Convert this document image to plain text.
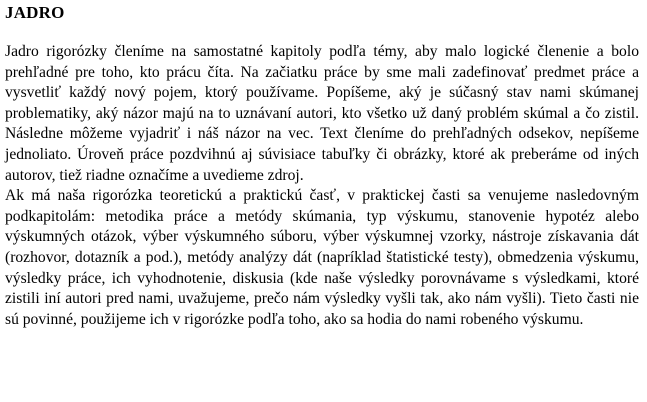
JADRO

Jadro rigorózky členíme na samostatné kapitoly podľa témy, aby malo logické členenie a bolo prehľadné pre toho, kto prácu číta. Na začiatku práce by sme mali zadefinovať predmet práce a vysvetliť každý nový pojem, ktorý používame. Popíšeme, aký je súčasný stav nami skúmanej problematiky, aký názor majú na to uznávaní autori, kto všetko už daný problém skúmal a čo zistil. Následne môžeme vyjadriť i náš názor na vec. Text členíme do prehľadných odsekov, nepíšeme jednoliato. Úroveň práce pozdvihnú aj súvisiace tabuľky či obrázky, ktoré ak preberáme od iných autorov, tiež riadne označíme a uvedieme zdroj.

Ak má naša rigorózka teoretickú a praktickú časť, v praktickej časti sa venujeme nasledovným podkapitolám: metodika práce a metódy skúmania, typ výskumu, stanovenie hypotéz alebo výskumných otázok, výber výskumného súboru, výber výskumnej vzorky, nástroje získavania dát (rozhovor, dotazník a pod.), metódy analýzy dát (napríklad štatistické testy), obmedzenia výskumu, výsledky práce, ich vyhodnotenie, diskusia (kde naše výsledky porovnávame s výsledkami, ktoré zistili iní autori pred nami, uvažujeme, prečo nám výsledky vyšli tak, ako nám vyšli). Tieto časti nie sú povinné, použijeme ich v rigorózke podľa toho, ako sa hodia do nami robeného výskumu.
